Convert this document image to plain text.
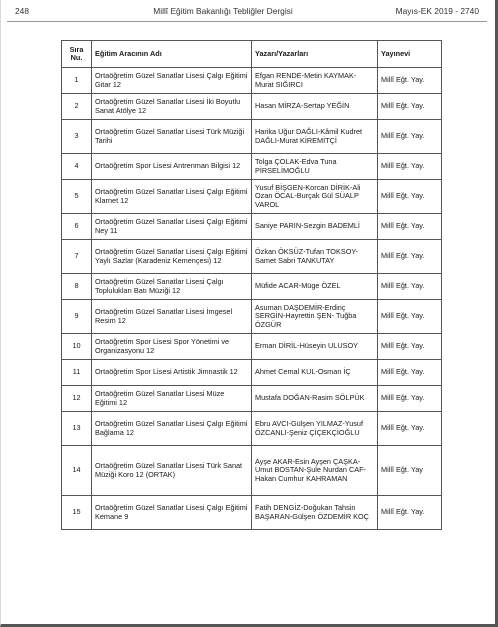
248	Millî Eğitim Bakanlığı Tebliğler Dergisi	Mayıs-EK 2019 - 2740
Sıra Nu.	Eğitim Aracının Adı	Yazarı/Yazarları	Yayınevi
1	Ortaöğretim Güzel Sanatlar Lisesi Çalgı Eğitimi Gitar 12	Efgan RENDE-Metin KAYMAK-Murat SIĞIRCI	Millî Eğt. Yay.
2	Ortaöğretim Güzel Sanatlar Lisesi İki Boyutlu Sanat Atölye 12	Hasan MİRZA-Sertap YEĞİN	Millî Eğt. Yay.
3	Ortaöğretim Güzel Sanatlar Lisesi Türk Müziği Tarihi	Harika Uğur DAĞLI-Kâmil Kudret DAĞLI-Murat KİREMİTÇİ	Millî Eğt. Yay.
4	Ortaöğretim Spor Lisesi Antrenman Bilgisi 12	Tolga ÇOLAK-Edva Tuna PİRSELİMOĞLU	Millî Eğt. Yay.
5	Ortaöğretim Güzel Sanatlar Lisesi Çalgı Eğitimi Klarnet 12	Yusuf BİŞGEN-Korcan DİRİK-Ali Ozan ÖCAL-Burçak Gül SÜALP VAROL	Millî Eğt. Yay.
6	Ortaöğretim Güzel Sanatlar Lisesi Çalgı Eğitimi Ney 11	Saniye PARIN-Sezgin BADEMLİ	Millî Eğt. Yay.
7	Ortaöğretim Güzel Sanatlar Lisesi Çalgı Eğitimi Yaylı Sazlar (Karadeniz Kemençesi) 12	Özkan ÖKSÜZ-Tufan TOKSOY-Samet Sabri TANKUTAY	Millî Eğt. Yay.
8	Ortaöğretim Güzel Sanatlar Lisesi Çalgı Toplulukları Batı Müziği 12	Müfide ACAR-Müge ÖZEL	Millî Eğt. Yay.
9	Ortaöğretim Güzel Sanatlar Lisesi İmgesel Resim 12	Asuman DAŞDEMİR-Erdinç SERGİN-Hayrettin ŞEN- Tuğba ÖZGÜR	Millî Eğt. Yay.
10	Ortaöğretim Spor Lisesi Spor Yönetimi ve Organizasyonu 12	Erman DİRİL-Hüseyin ULUSOY	Millî Eğt. Yay.
11	Ortaöğretim Spor Lisesi Artistik Jimnastik 12	Ahmet Cemal KUL-Osman İÇ	Millî Eğt. Yay.
12	Ortaöğretim Güzel Sanatlar Lisesi Müze Eğitimi 12	Mustafa DOĞAN-Rasim SÖLPÜK	Millî Eğt. Yay.
13	Ortaöğretim Güzel Sanatlar Lisesi Çalgı Eğitimi Bağlama 12	Ebru AVCI-Gülşen YILMAZ-Yusuf ÖZCANLI-Şeniz ÇİÇEKÇİOĞLU	Millî Eğt. Yay.
14	Ortaöğretim Güzel Sanatlar Lisesi Türk Sanat Müziği Koro 12 (ORTAK)	Ayşe AKAR-Esin Ayşen ÇAŞKA-Umut BOSTAN-Şule Nurdan CAF-Hakan Cumhur KAHRAMAN	Millî Eğt. Yay
15	Ortaöğretim Güzel Sanatlar Lisesi Çalgı Eğitimi Kemane 9	Fatih DENGİZ-Doğukan Tahsin BAŞARAN-Gülşen ÖZDEMİR KOÇ	Millî Eğt. Yay.
